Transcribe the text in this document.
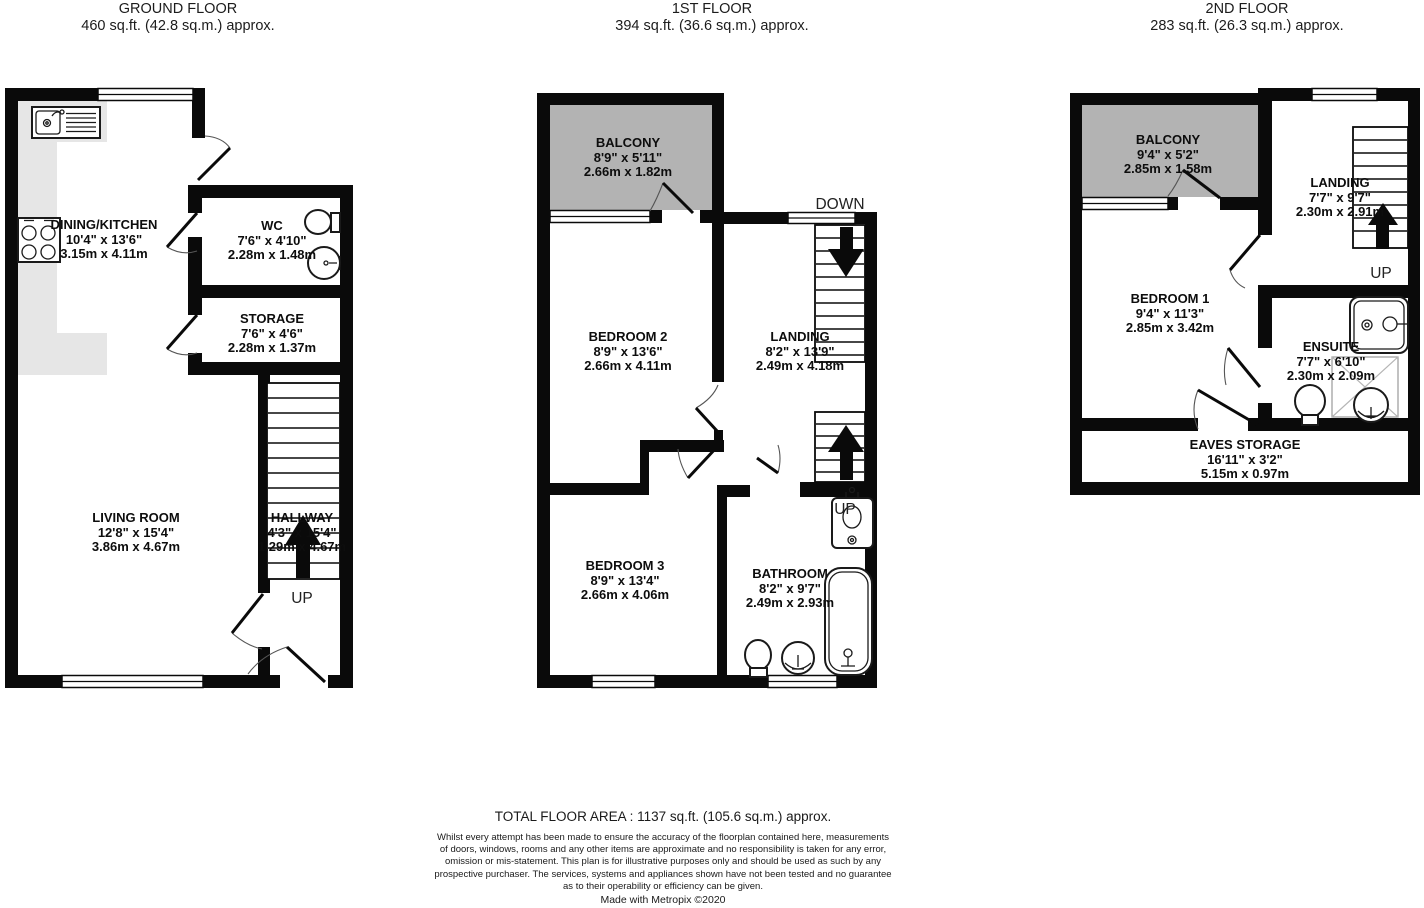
GROUND FLOOR
460 sq.ft. (42.8 sq.m.) approx.
1ST FLOOR
394 sq.ft. (36.6 sq.m.) approx.
2ND FLOOR
283 sq.ft. (26.3 sq.m.) approx.
DINING/KITCHEN
10'4" x 13'6"
3.15m x 4.11m
WC
7'6" x 4'10"
2.28m x 1.48m
STORAGE
7'6" x 4'6"
2.28m x 1.37m
LIVING ROOM
12'8" x 15'4"
3.86m x 4.67m
HALLWAY
4'3" x 15'4"
1.29m x 4.67m
UP
BALCONY
8'9" x 5'11"
2.66m x 1.82m
DOWN
BEDROOM 2
8'9" x 13'6"
2.66m x 4.11m
LANDING
8'2" x 13'9"
2.49m x 4.18m
BEDROOM 3
8'9" x 13'4"
2.66m x 4.06m
BATHROOM
8'2" x 9'7"
2.49m x 2.93m
UP
BALCONY
9'4" x 5'2"
2.85m x 1.58m
LANDING
7'7" x 9'7"
2.30m x 2.91m
UP
BEDROOM 1
9'4" x 11'3"
2.85m x 3.42m
ENSUITE
7'7" x 6'10"
2.30m x 2.09m
EAVES STORAGE
16'11" x 3'2"
5.15m x 0.97m
TOTAL FLOOR AREA : 1137 sq.ft. (105.6 sq.m.) approx.
Whilst every attempt has been made to ensure the accuracy of the floorplan contained here, measurements
of doors, windows, rooms and any other items are approximate and no responsibility is taken for any error,
omission or mis-statement. This plan is for illustrative purposes only and should be used as such by any
prospective purchaser. The services, systems and appliances shown have not been tested and no guarantee
as to their operability or efficiency can be given.
Made with Metropix ©2020
